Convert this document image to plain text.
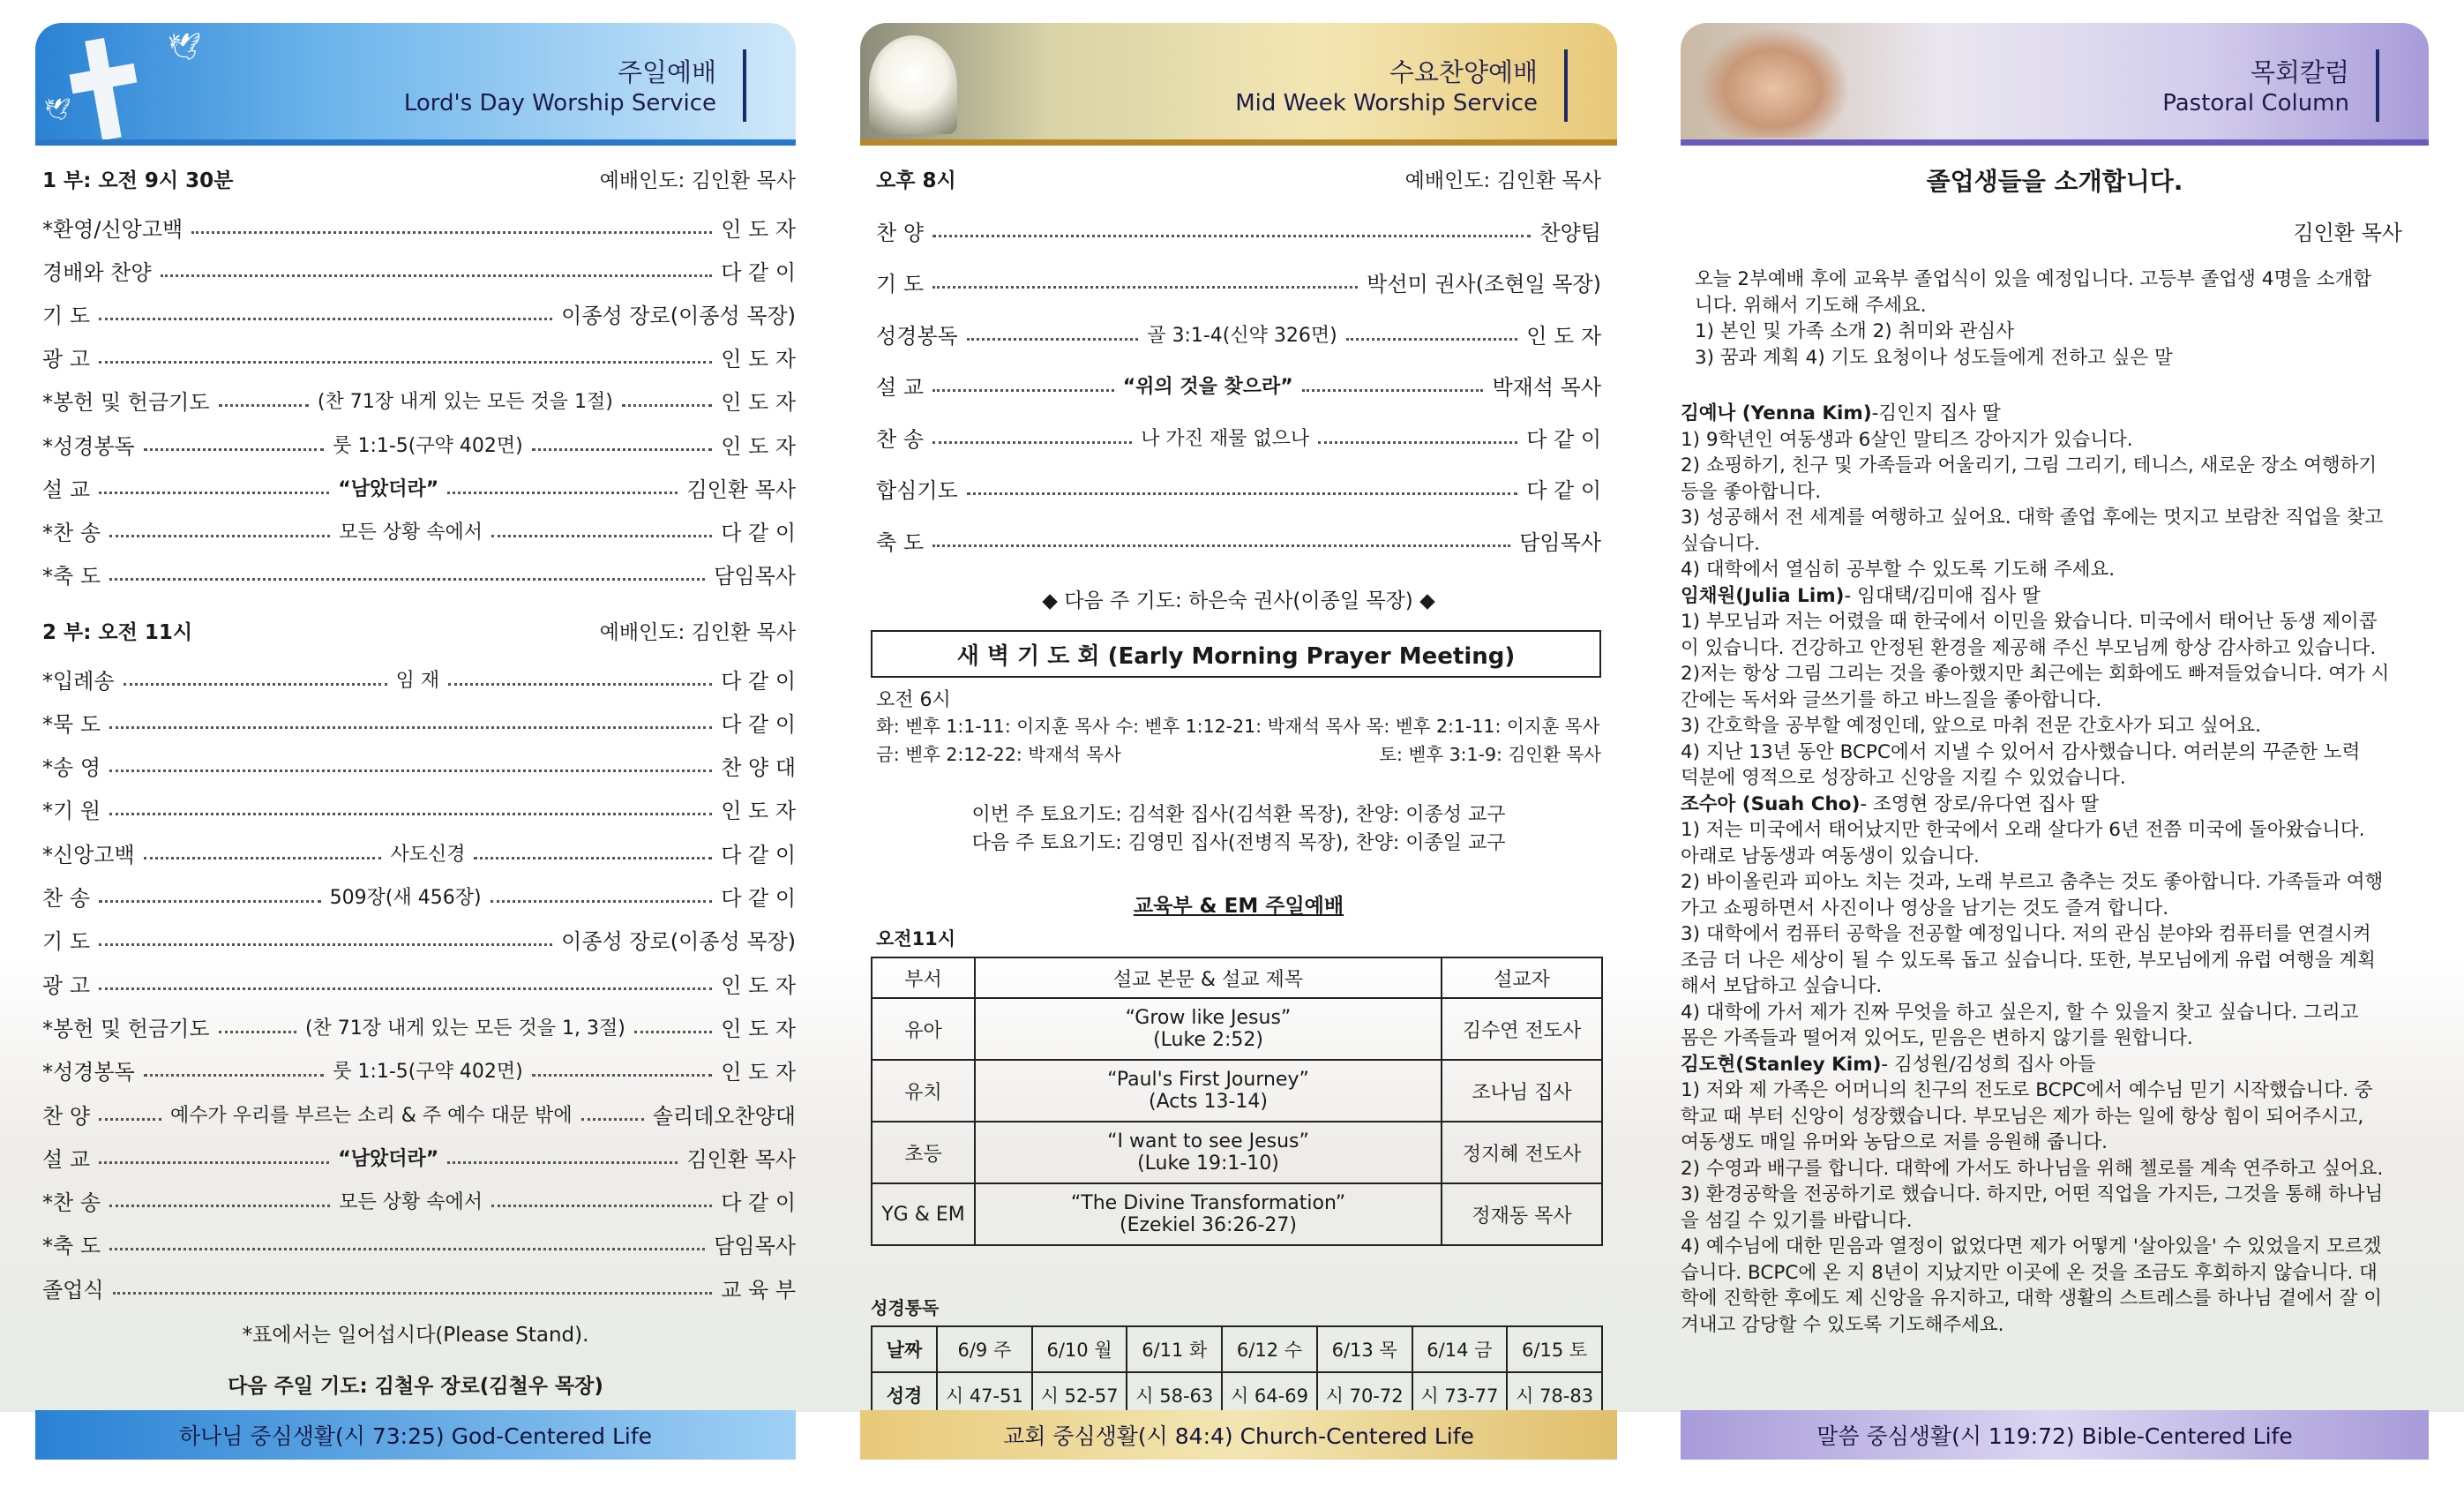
🕊
🕊
주일예배
Lord's Day Worship Service
1 부: 오전 9시 30분	예배인도: 김인환 목사
*환영/신앙고백	인 도 자
경배와 찬양	다 같 이
기 도	이종성 장로(이종성 목장)
광 고	인 도 자
*봉헌 및 헌금기도	(찬 71장 내게 있는 모든 것을 1절)	인 도 자
*성경봉독	룻 1:1-5(구약 402면)	인 도 자
설 교	“남았더라”	김인환 목사
*찬 송	모든 상황 속에서	다 같 이
*축 도	담임목사
2 부: 오전 11시	예배인도: 김인환 목사
*입례송	임 재	다 같 이
*묵 도	다 같 이
*송 영	찬 양 대
*기 원	인 도 자
*신앙고백	사도신경	다 같 이
찬 송	509장(새 456장)	다 같 이
기 도	이종성 장로(이종성 목장)
광 고	인 도 자
*봉헌 및 헌금기도	(찬 71장 내게 있는 모든 것을 1, 3절)	인 도 자
*성경봉독	룻 1:1-5(구약 402면)	인 도 자
찬 양	예수가 우리를 부르는 소리 & 주 예수 대문 밖에	솔리데오찬양대
설 교	“남았더라”	김인환 목사
*찬 송	모든 상황 속에서	다 같 이
*축 도	담임목사
졸업식	교 육 부
*표에서는 일어섭시다(Please Stand).
다음 주일 기도: 김철우 장로(김철우 목장)
하나님 중심생활(시 73:25) God-Centered Life
수요찬양예배
Mid Week Worship Service
오후 8시	예배인도: 김인환 목사
찬 양	찬양팀
기 도	박선미 권사(조현일 목장)
성경봉독	골 3:1-4(신약 326면)	인 도 자
설 교	“위의 것을 찾으라”	박재석 목사
찬 송	나 가진 재물 없으나	다 같 이
합심기도	다 같 이
축 도	담임목사
◆ 다음 주 기도: 하은숙 권사(이종일 목장) ◆
새 벽 기 도 회 (Early Morning Prayer Meeting)
오전 6시
화: 벧후 1:1-11: 이지훈 목사 수: 벧후 1:12-21: 박재석 목사 목: 벧후 2:1-11: 이지훈 목사
금: 벧후 2:12-22: 박재석 목사	토: 벧후 3:1-9: 김인환 목사
이번 주 토요기도: 김석환 집사(김석환 목장), 찬양: 이종성 교구
다음 주 토요기도: 김영민 집사(전병직 목장), 찬양: 이종일 교구
교육부 & EM 주일예배
오전11시
부서	설교 본문 & 설교 제목	설교자
유아	“Grow like Jesus”
(Luke 2:52)	김수연 전도사
유치	“Paul's First Journey”
(Acts 13-14)	조나님 집사
초등	“I want to see Jesus”
(Luke 19:1-10)	정지혜 전도사
YG & EM	“The Divine Transformation”
(Ezekiel 36:26-27)	정재동 목사
성경통독
날짜	6/9 주	6/10 월	6/11 화	6/12 수	6/13 목	6/14 금	6/15 토
성경	시 47-51	시 52-57	시 58-63	시 64-69	시 70-72	시 73-77	시 78-83
교회 중심생활(시 84:4) Church-Centered Life
목회칼럼
Pastoral Column
졸업생들을 소개합니다.
김인환 목사
오늘 2부예배 후에 교육부 졸업식이 있을 예정입니다. 고등부 졸업생 4명을 소개합
니다. 위해서 기도해 주세요.
1) 본인 및 가족 소개 2) 취미와 관심사
3) 꿈과 계획 4) 기도 요청이나 성도들에게 전하고 싶은 말
김예나 (Yenna Kim)-김인지 집사 딸
1) 9학년인 여동생과 6살인 말티즈 강아지가 있습니다.
2) 쇼핑하기, 친구 및 가족들과 어울리기, 그림 그리기, 테니스, 새로운 장소 여행하기
등을 좋아합니다.
3) 성공해서 전 세계를 여행하고 싶어요. 대학 졸업 후에는 멋지고 보람찬 직업을 찾고
싶습니다.
4) 대학에서 열심히 공부할 수 있도록 기도해 주세요.
임채원(Julia Lim)- 임대택/김미애 집사 딸
1) 부모님과 저는 어렸을 때 한국에서 이민을 왔습니다. 미국에서 태어난 동생 제이콥
이 있습니다. 건강하고 안정된 환경을 제공해 주신 부모님께 항상 감사하고 있습니다.
2)저는 항상 그림 그리는 것을 좋아했지만 최근에는 회화에도 빠져들었습니다. 여가 시
간에는 독서와 글쓰기를 하고 바느질을 좋아합니다.
3) 간호학을 공부할 예정인데, 앞으로 마취 전문 간호사가 되고 싶어요.
4) 지난 13년 동안 BCPC에서 지낼 수 있어서 감사했습니다. 여러분의 꾸준한 노력
덕분에 영적으로 성장하고 신앙을 지킬 수 있었습니다.
조수아 (Suah Cho)- 조영현 장로/유다연 집사 딸
1) 저는 미국에서 태어났지만 한국에서 오래 살다가 6년 전쯤 미국에 돌아왔습니다.
아래로 남동생과 여동생이 있습니다.
2) 바이올린과 피아노 치는 것과, 노래 부르고 춤추는 것도 좋아합니다. 가족들과 여행
가고 쇼핑하면서 사진이나 영상을 남기는 것도 즐겨 합니다.
3) 대학에서 컴퓨터 공학을 전공할 예정입니다. 저의 관심 분야와 컴퓨터를 연결시켜
조금 더 나은 세상이 될 수 있도록 돕고 싶습니다. 또한, 부모님에게 유럽 여행을 계획
해서 보답하고 싶습니다.
4) 대학에 가서 제가 진짜 무엇을 하고 싶은지, 할 수 있을지 찾고 싶습니다. 그리고
몸은 가족들과 떨어져 있어도, 믿음은 변하지 않기를 원합니다.
김도현(Stanley Kim)- 김성원/김성희 집사 아들
1) 저와 제 가족은 어머니의 친구의 전도로 BCPC에서 예수님 믿기 시작했습니다. 중
학교 때 부터 신앙이 성장했습니다. 부모님은 제가 하는 일에 항상 힘이 되어주시고,
여동생도 매일 유머와 농담으로 저를 응원해 줍니다.
2) 수영과 배구를 합니다. 대학에 가서도 하나님을 위해 첼로를 계속 연주하고 싶어요.
3) 환경공학을 전공하기로 했습니다. 하지만, 어떤 직업을 가지든, 그것을 통해 하나님
을 섬길 수 있기를 바랍니다.
4) 예수님에 대한 믿음과 열정이 없었다면 제가 어떻게 '살아있을' 수 있었을지 모르겠
습니다. BCPC에 온 지 8년이 지났지만 이곳에 온 것을 조금도 후회하지 않습니다. 대
학에 진학한 후에도 제 신앙을 유지하고, 대학 생활의 스트레스를 하나님 곁에서 잘 이
겨내고 감당할 수 있도록 기도해주세요.
말씀 중심생활(시 119:72) Bible-Centered Life
